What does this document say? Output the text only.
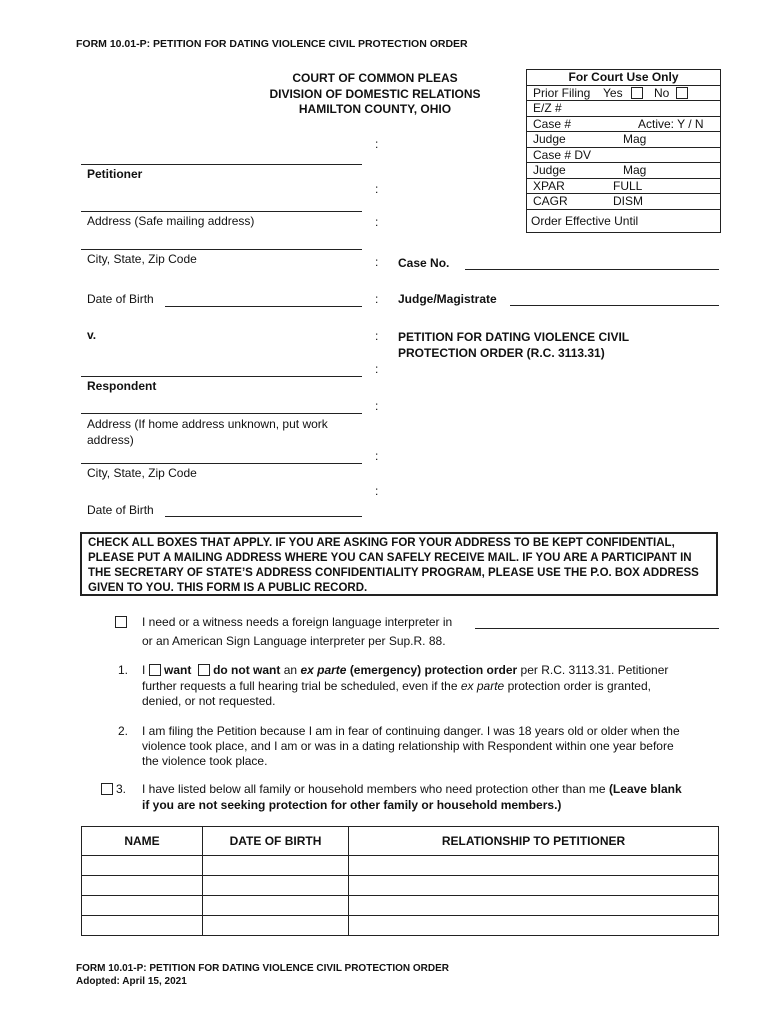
FORM 10.01-P: PETITION FOR DATING VIOLENCE CIVIL PROTECTION ORDER
COURT OF COMMON PLEAS
DIVISION OF DOMESTIC RELATIONS
HAMILTON COUNTY, OHIO
For Court Use Only
Prior Filing Yes	No
E/Z #
Case #	Active: Y / N
Judge	Mag
Case # DV
Judge	Mag
XPAR	FULL
CAGR	DISM
Order Effective Until
Petitioner
Address (Safe mailing address)
City, State, Zip Code
Date of Birth
v.
Respondent
Address (If home address unknown, put work address)
City, State, Zip Code
Date of Birth
:
:
:
:
:
:
:
:
:
:
Case No.
Judge/Magistrate
PETITION FOR DATING VIOLENCE CIVIL
PROTECTION ORDER (R.C. 3113.31)
CHECK ALL BOXES THAT APPLY. IF YOU ARE ASKING FOR YOUR ADDRESS TO BE KEPT CONFIDENTIAL, PLEASE PUT A MAILING ADDRESS WHERE YOU CAN SAFELY RECEIVE MAIL. IF YOU ARE A PARTICIPANT IN THE SECRETARY OF STATE’S ADDRESS CONFIDENTIALITY PROGRAM, PLEASE USE THE P.O. BOX ADDRESS GIVEN TO YOU. THIS FORM IS A PUBLIC RECORD.
I need or a witness needs a foreign language interpreter in
or an American Sign Language interpreter per Sup.R. 88.
1. I want do not want an ex parte (emergency) protection order per R.C. 3113.31. Petitioner
further requests a full hearing trial be scheduled, even if the ex parte protection order is granted,
denied, or not requested.
2. I am filing the Petition because I am in fear of continuing danger. I was 18 years old or older when the
violence took place, and I am or was in a dating relationship with Respondent within one year before
the violence took place.
3. I have listed below all family or household members who need protection other than me (Leave blank
if you are not seeking protection for other family or household members.)
NAME	DATE OF BIRTH	RELATIONSHIP TO PETITIONER

FORM 10.01-P: PETITION FOR DATING VIOLENCE CIVIL PROTECTION ORDER
Adopted: April 15, 2021
